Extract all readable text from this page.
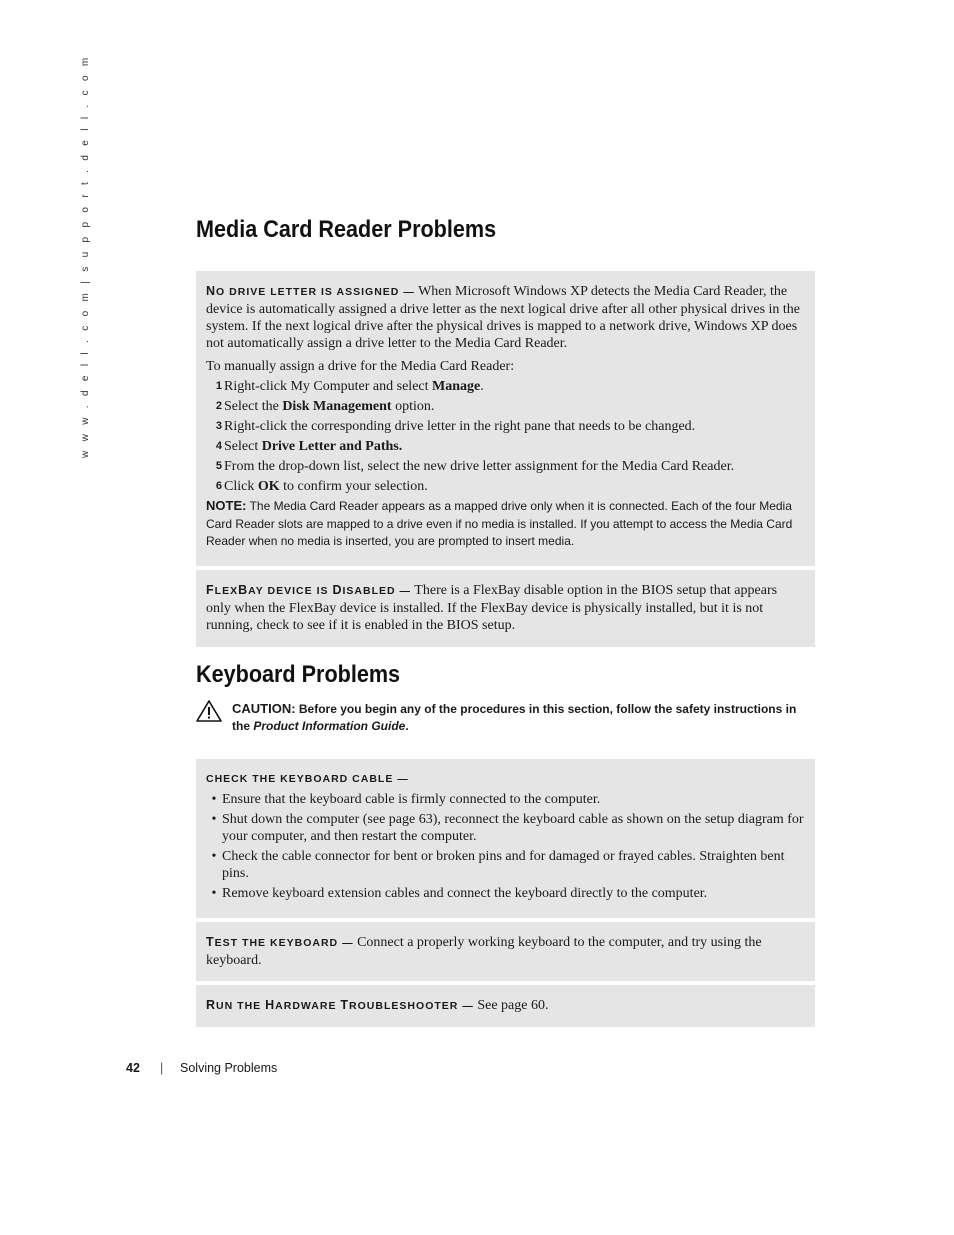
w w w . d e l l . c o m | s u p p o r t . d e l l . c o m	Media Card Reader Problems

NO DRIVE LETTER IS ASSIGNED — When Microsoft Windows XP detects the Media Card Reader, the device is automatically assigned a drive letter as the next logical drive after all other physical drives in the system. If the next logical drive after the physical drives is mapped to a network drive, Windows XP does not automatically assign a drive letter to the Media Card Reader.

To manually assign a drive for the Media Card Reader:

1 Right-click My Computer and select Manage.
2 Select the Disk Management option.
3 Right-click the corresponding drive letter in the right pane that needs to be changed.
4 Select Drive Letter and Paths.
5 From the drop-down list, select the new drive letter assignment for the Media Card Reader.
6 Click OK to confirm your selection.
NOTE: The Media Card Reader appears as a mapped drive only when it is connected. Each of the four Media Card Reader slots are mapped to a drive even if no media is installed. If you attempt to access the Media Card Reader when no media is inserted, you are prompted to insert media.

FLEXBAY DEVICE IS DISABLED — There is a FlexBay disable option in the BIOS setup that appears only when the FlexBay device is installed. If the FlexBay device is physically installed, but it is not running, check to see if it is enabled in the BIOS setup.

Keyboard Problems
CAUTION: Before you begin any of the procedures in this section, follow the safety instructions in the Product Information Guide.

CHECK THE KEYBOARD CABLE —

• Ensure that the keyboard cable is firmly connected to the computer.
• Shut down the computer (see page 63), reconnect the keyboard cable as shown on the setup diagram for your computer, and then restart the computer.
• Check the cable connector for bent or broken pins and for damaged or frayed cables. Straighten bent pins.
• Remove keyboard extension cables and connect the keyboard directly to the computer.

TEST THE KEYBOARD — Connect a properly working keyboard to the computer, and try using the keyboard.

RUN THE HARDWARE TROUBLESHOOTER — See page 60.

42	|	Solving Problems
